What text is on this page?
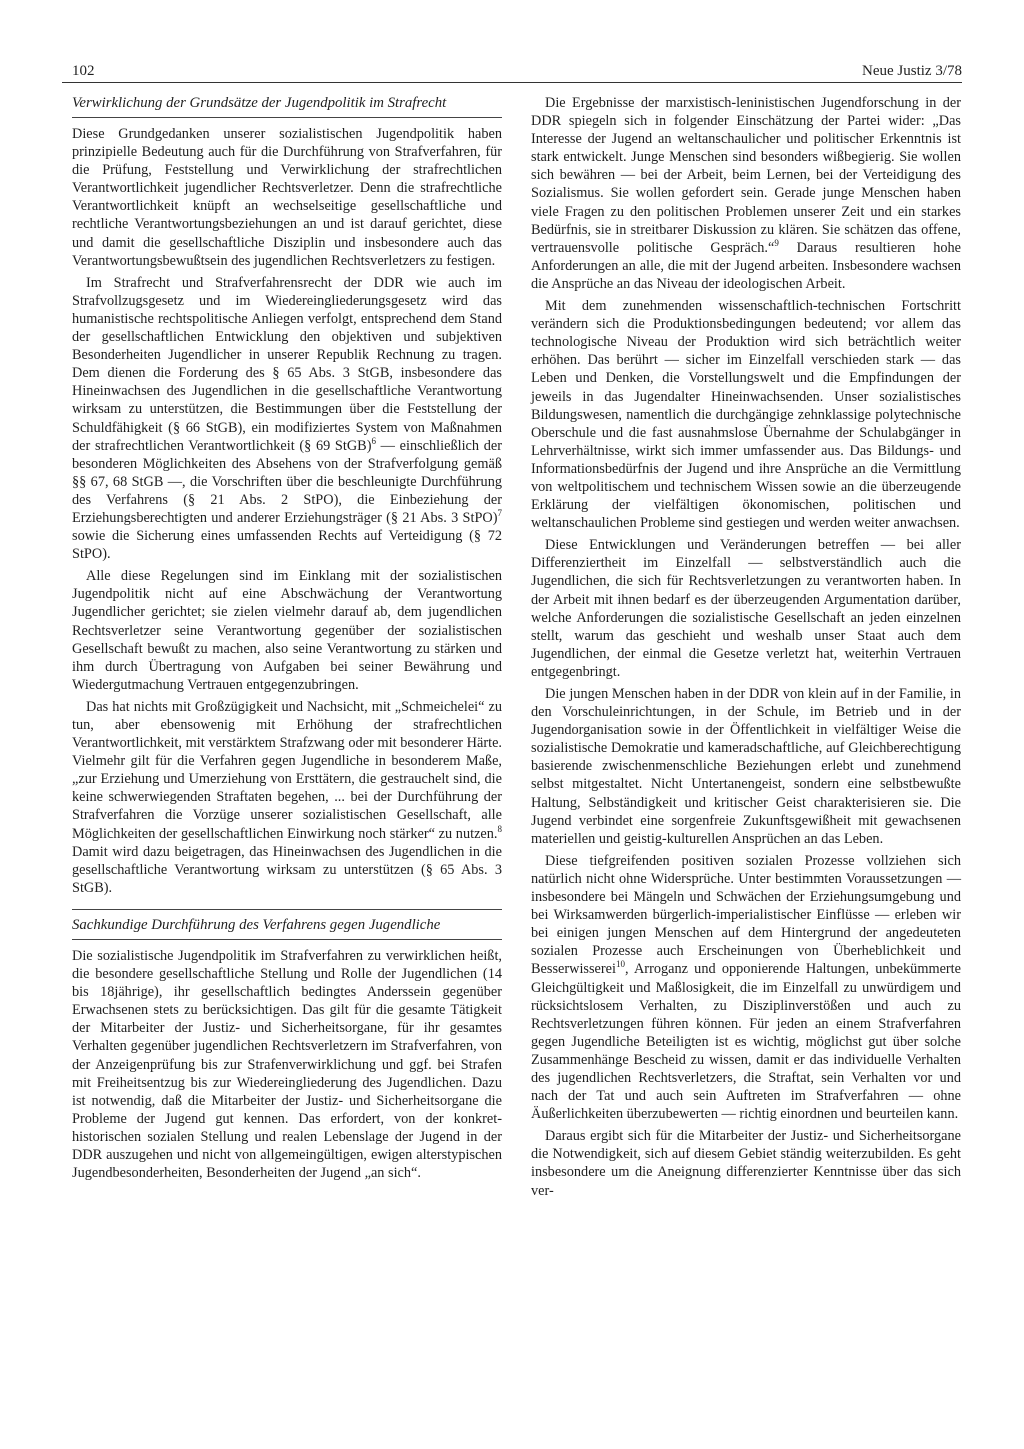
102	Neue Justiz 3/78
Verwirklichung der Grundsätze der Jugendpolitik im Strafrecht

Diese Grundgedanken unserer sozialistischen Jugendpolitik haben prinzipielle Bedeutung auch für die Durchführung von Strafverfahren, für die Prüfung, Feststellung und Verwirklichung der strafrechtlichen Verantwortlichkeit jugendlicher Rechtsverletzer. Denn die strafrechtliche Verantwortlichkeit knüpft an wechselseitige gesellschaftliche und rechtliche Verantwortungsbeziehungen an und ist darauf gerichtet, diese und damit die gesellschaftliche Disziplin und insbesondere auch das Verantwortungsbewußtsein des jugendlichen Rechtsverletzers zu festigen.

Im Strafrecht und Strafverfahrensrecht der DDR wie auch im Strafvollzugsgesetz und im Wiedereingliederungsgesetz wird das humanistische rechtspolitische Anliegen verfolgt, entsprechend dem Stand der gesellschaftlichen Entwicklung den objektiven und subjektiven Besonderheiten Jugendlicher in unserer Republik Rechnung zu tragen. Dem dienen die Forderung des § 65 Abs. 3 StGB, insbesondere das Hineinwachsen des Jugendlichen in die gesellschaftliche Verantwortung wirksam zu unterstützen, die Bestimmungen über die Feststellung der Schuldfähigkeit (§ 66 StGB), ein modifiziertes System von Maßnahmen der strafrechtlichen Verantwortlichkeit (§ 69 StGB)$^6$ — einschließlich der besonderen Möglichkeiten des Absehens von der Strafverfolgung gemäß §§ 67, 68 StGB —, die Vorschriften über die beschleunigte Durchführung des Verfahrens (§ 21 Abs. 2 StPO), die Einbeziehung der Erziehungsberechtigten und anderer Erziehungsträger (§ 21 Abs. 3 StPO)$^7$ sowie die Sicherung eines umfassenden Rechts auf Verteidigung (§ 72 StPO).

Alle diese Regelungen sind im Einklang mit der sozialistischen Jugendpolitik nicht auf eine Abschwächung der Verantwortung Jugendlicher gerichtet; sie zielen vielmehr darauf ab, dem jugendlichen Rechtsverletzer seine Verantwortung gegenüber der sozialistischen Gesellschaft bewußt zu machen, also seine Verantwortung zu stärken und ihm durch Übertragung von Aufgaben bei seiner Bewährung und Wiedergutmachung Vertrauen entgegenzubringen.

Das hat nichts mit Großzügigkeit und Nachsicht, mit „Schmeichelei“ zu tun, aber ebensowenig mit Erhöhung der strafrechtlichen Verantwortlichkeit, mit verstärktem Strafzwang oder mit besonderer Härte. Vielmehr gilt für die Verfahren gegen Jugendliche in besonderem Maße, „zur Erziehung und Umerziehung von Ersttätern, die gestrauchelt sind, die keine schwerwiegenden Straftaten begehen, ... bei der Durchführung der Strafverfahren die Vorzüge unserer sozialistischen Gesellschaft, alle Möglichkeiten der gesellschaftlichen Einwirkung noch stärker“ zu nutzen.$^8$ Damit wird dazu beigetragen, das Hineinwachsen des Jugendlichen in die gesellschaftliche Verantwortung wirksam zu unterstützen (§ 65 Abs. 3 StGB).

Sachkundige Durchführung des Verfahrens gegen Jugendliche

Die sozialistische Jugendpolitik im Strafverfahren zu verwirklichen heißt, die besondere gesellschaftliche Stellung und Rolle der Jugendlichen (14 bis 18jährige), ihr gesellschaftlich bedingtes Anderssein gegenüber Erwachsenen stets zu berücksichtigen. Das gilt für die gesamte Tätigkeit der Mitarbeiter der Justiz- und Sicherheitsorgane, für ihr gesamtes Verhalten gegenüber jugendlichen Rechtsverletzern im Strafverfahren, von der Anzeigenprüfung bis zur Strafenverwirklichung und ggf. bei Strafen mit Freiheitsentzug bis zur Wiedereingliederung des Jugendlichen. Dazu ist notwendig, daß die Mitarbeiter der Justiz- und Sicherheitsorgane die Probleme der Jugend gut kennen. Das erfordert, von der konkret-historischen sozialen Stellung und realen Lebenslage der Jugend in der DDR auszugehen und nicht von allgemeingültigen, ewigen alterstypischen Jugendbesonderheiten, Besonderheiten der Jugend „an sich“.

Die Ergebnisse der marxistisch-leninistischen Jugendforschung in der DDR spiegeln sich in folgender Einschätzung der Partei wider: „Das Interesse der Jugend an weltanschaulicher und politischer Erkenntnis ist stark entwickelt. Junge Menschen sind besonders wißbegierig. Sie wollen sich bewähren — bei der Arbeit, beim Lernen, bei der Verteidigung des Sozialismus. Sie wollen gefordert sein. Gerade junge Menschen haben viele Fragen zu den politischen Problemen unserer Zeit und ein starkes Bedürfnis, sie in streitbarer Diskussion zu klären. Sie schätzen das offene, vertrauensvolle politische Gespräch.“$^9$ Daraus resultieren hohe Anforderungen an alle, die mit der Jugend arbeiten. Insbesondere wachsen die Ansprüche an das Niveau der ideologischen Arbeit.

Mit dem zunehmenden wissenschaftlich-technischen Fortschritt verändern sich die Produktionsbedingungen bedeutend; vor allem das technologische Niveau der Produktion wird sich beträchtlich weiter erhöhen. Das berührt — sicher im Einzelfall verschieden stark — das Leben und Denken, die Vorstellungswelt und die Empfindungen der jeweils in das Jugendalter Hineinwachsenden. Unser sozialistisches Bildungswesen, namentlich die durchgängige zehnklassige polytechnische Oberschule und die fast ausnahmslose Übernahme der Schulabgänger in Lehrverhältnisse, wirkt sich immer umfassender aus. Das Bildungs- und Informationsbedürfnis der Jugend und ihre Ansprüche an die Vermittlung von weltpolitischem und technischem Wissen sowie an die überzeugende Erklärung der vielfältigen ökonomischen, politischen und weltanschaulichen Probleme sind gestiegen und werden weiter anwachsen.

Diese Entwicklungen und Veränderungen betreffen — bei aller Differenziertheit im Einzelfall — selbstverständlich auch die Jugendlichen, die sich für Rechtsverletzungen zu verantworten haben. In der Arbeit mit ihnen bedarf es der überzeugenden Argumentation darüber, welche Anforderungen die sozialistische Gesellschaft an jeden einzelnen stellt, warum das geschieht und weshalb unser Staat auch dem Jugendlichen, der einmal die Gesetze verletzt hat, weiterhin Vertrauen entgegenbringt.

Die jungen Menschen haben in der DDR von klein auf in der Familie, in den Vorschuleinrichtungen, in der Schule, im Betrieb und in der Jugendorganisation sowie in der Öffentlichkeit in vielfältiger Weise die sozialistische Demokratie und kameradschaftliche, auf Gleichberechtigung basierende zwischenmenschliche Beziehungen erlebt und zunehmend selbst mitgestaltet. Nicht Untertanengeist, sondern eine selbstbewußte Haltung, Selbständigkeit und kritischer Geist charakterisieren sie. Die Jugend verbindet eine sorgenfreie Zukunftsgewißheit mit gewachsenen materiellen und geistig-kulturellen Ansprüchen an das Leben.

Diese tiefgreifenden positiven sozialen Prozesse vollziehen sich natürlich nicht ohne Widersprüche. Unter bestimmten Voraussetzungen — insbesondere bei Mängeln und Schwächen der Erziehungsumgebung und bei Wirksamwerden bürgerlich-imperialistischer Einflüsse — erleben wir bei einigen jungen Menschen auf dem Hintergrund der angedeuteten sozialen Prozesse auch Erscheinungen von Überheblichkeit und Besserwisserei$^{10}$, Arroganz und opponierende Haltungen, unbekümmerte Gleichgültigkeit und Maßlosigkeit, die im Einzelfall zu unwürdigem und rücksichtslosem Verhalten, zu Disziplinverstößen und auch zu Rechtsverletzungen führen können. Für jeden an einem Strafverfahren gegen Jugendliche Beteiligten ist es wichtig, möglichst gut über solche Zusammenhänge Bescheid zu wissen, damit er das individuelle Verhalten des jugendlichen Rechtsverletzers, die Straftat, sein Verhalten vor und nach der Tat und auch sein Auftreten im Strafverfahren — ohne Äußerlichkeiten überzubewerten — richtig einordnen und beurteilen kann.

Daraus ergibt sich für die Mitarbeiter der Justiz- und Sicherheitsorgane die Notwendigkeit, sich auf diesem Gebiet ständig weiterzubilden. Es geht insbesondere um die Aneignung differenzierter Kenntnisse über das sich ver-
